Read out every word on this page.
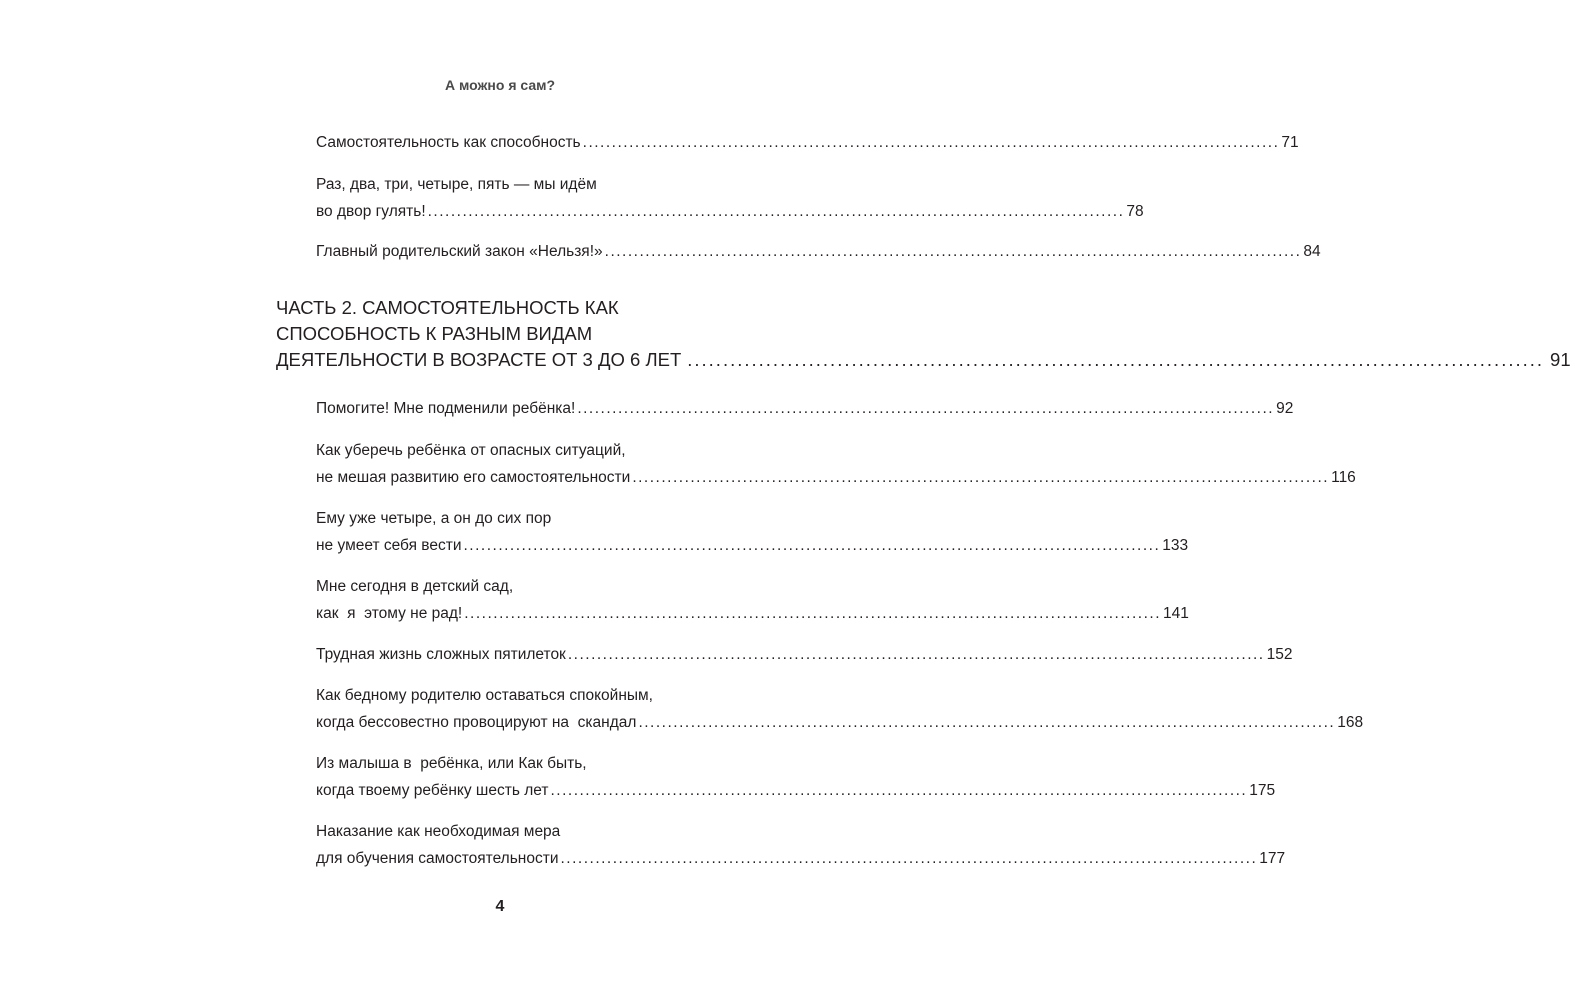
А можно я сам?
Самостоятельность как способность ........................................................................................................................ 71
Раз, два, три, четыре, пять — мы идём
во двор гулять! ........................................................................................................................ 78
Главный родительский закон «Нельзя!» ........................................................................................................................ 84
ЧАСТЬ 2. САМОСТОЯТЕЛЬНОСТЬ КАК
СПОСОБНОСТЬ К РАЗНЫМ ВИДАМ
ДЕЯТЕЛЬНОСТИ В ВОЗРАСТЕ ОТ 3 ДО 6 ЛЕТ ........................................................................................................................ 91
Помогите! Мне подменили ребёнка! ........................................................................................................................ 92
Как уберечь ребёнка от опасных ситуаций,
не мешая развитию его самостоятельности ........................................................................................................................ 116
Ему уже четыре, а он до сих пор
не умеет себя вести ........................................................................................................................ 133
Мне сегодня в детский сад,
как  я  этому не рад! ........................................................................................................................ 141
Трудная жизнь сложных пятилеток ........................................................................................................................ 152
Как бедному родителю оставаться спокойным,
когда бессовестно провоцируют на  скандал ........................................................................................................................ 168
Из малыша в  ребёнка, или Как быть,
когда твоему ребёнку шесть лет ........................................................................................................................ 175
Наказание как необходимая мера
для обучения самостоятельности ........................................................................................................................ 177
4
